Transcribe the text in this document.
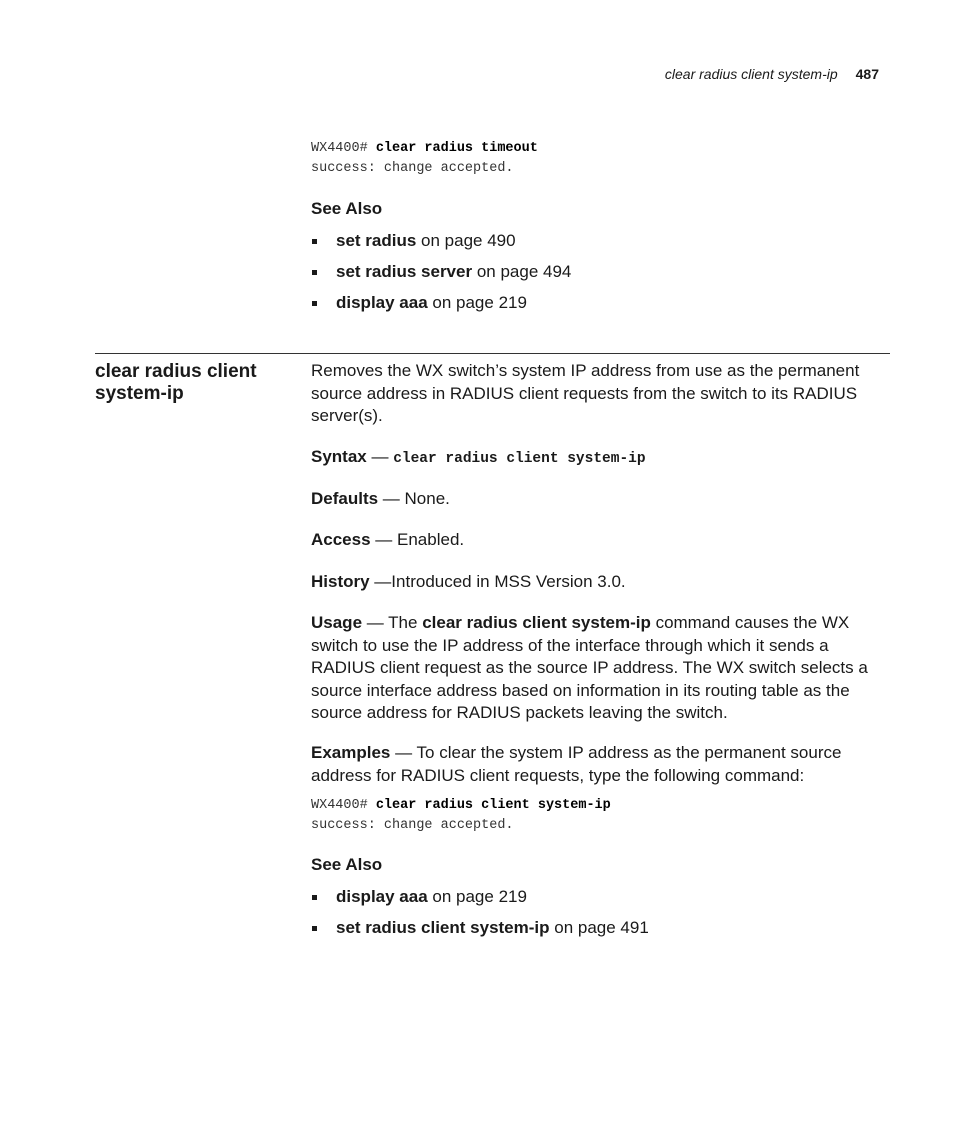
clear radius client system-ip 487
WX4400# clear radius timeout
success: change accepted.
See Also
set radius on page 490
set radius server on page 494
display aaa on page 219
clear radius client system-ip
Removes the WX switch’s system IP address from use as the permanent source address in RADIUS client requests from the switch to its RADIUS server(s).
Syntax — clear radius client system-ip
Defaults — None.
Access — Enabled.
History —Introduced in MSS Version 3.0.
Usage — The clear radius client system-ip command causes the WX switch to use the IP address of the interface through which it sends a RADIUS client request as the source IP address. The WX switch selects a source interface address based on information in its routing table as the source address for RADIUS packets leaving the switch.
Examples — To clear the system IP address as the permanent source address for RADIUS client requests, type the following command:
WX4400# clear radius client system-ip
success: change accepted.
See Also
display aaa on page 219
set radius client system-ip on page 491
